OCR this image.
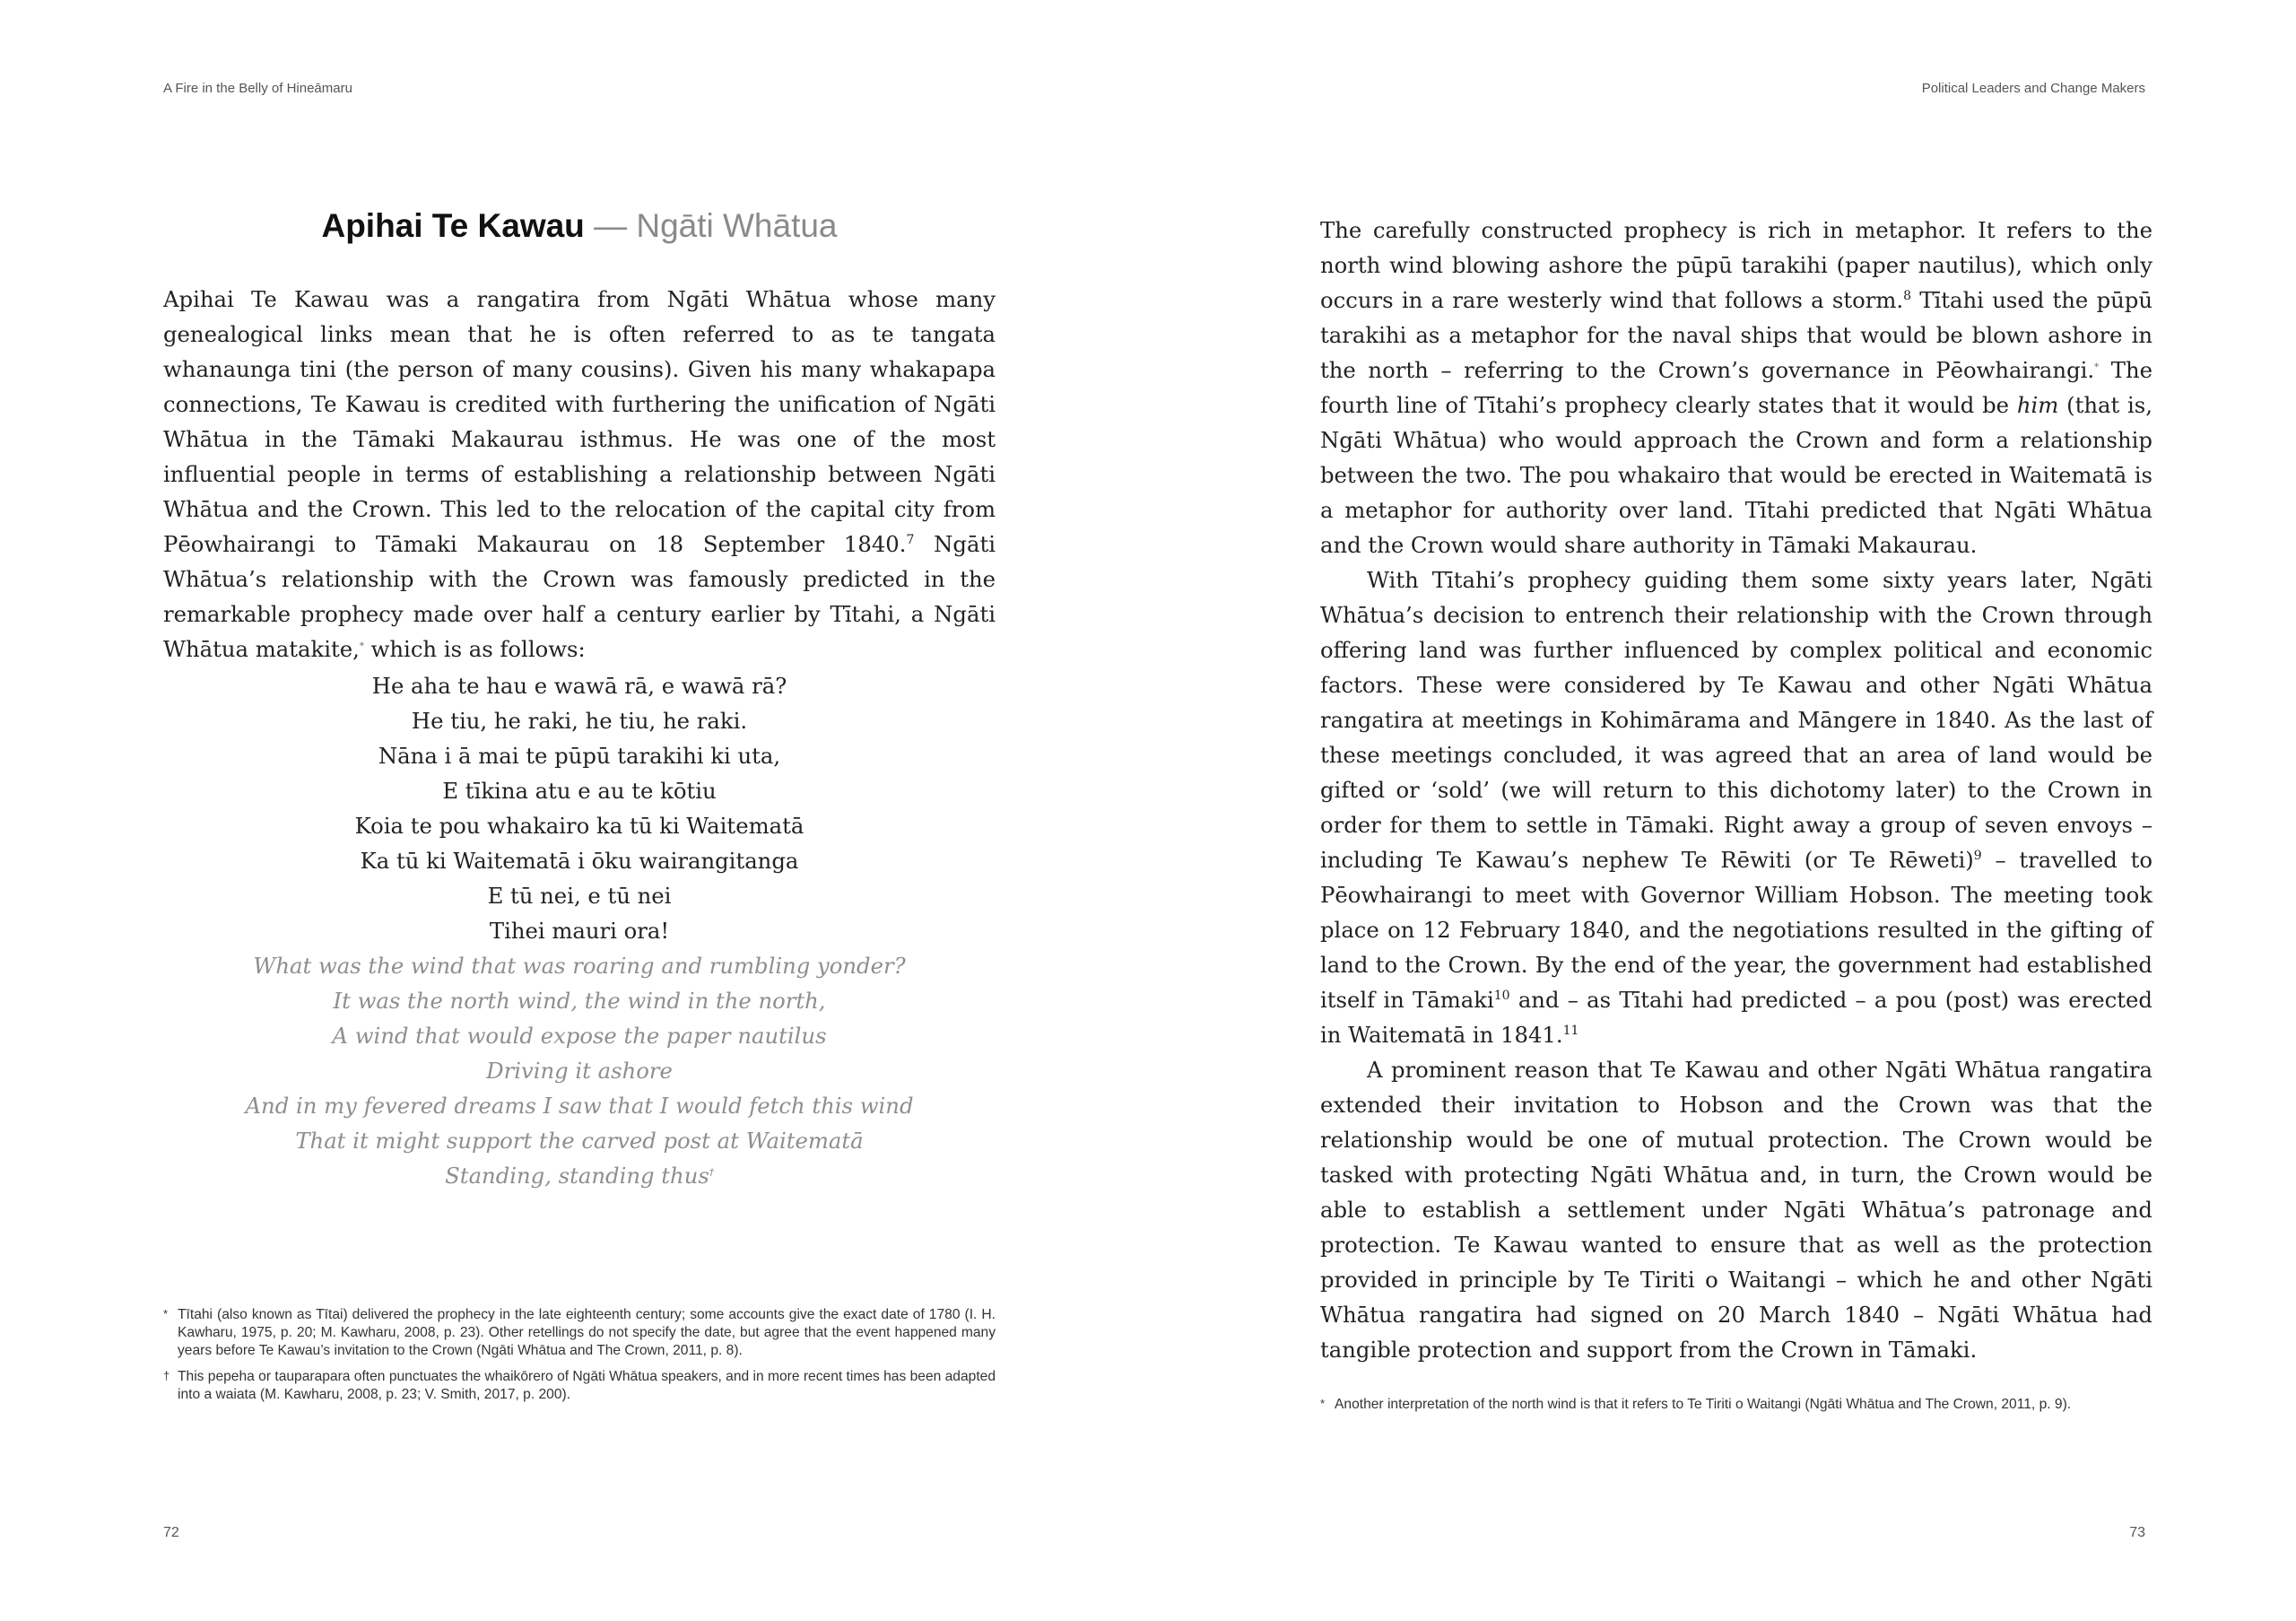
A Fire in the Belly of Hineāmaru
Apihai Te Kawau — Ngāti Whātua

Apihai Te Kawau was a rangatira from Ngāti Whātua whose many genealogical links mean that he is often referred to as te tangata whanaunga tini (the person of many cousins). Given his many whakapapa connections, Te Kawau is credited with furthering the unification of Ngāti Whātua in the Tāmaki Makaurau isthmus. He was one of the most influential people in terms of establishing a relationship between Ngāti Whātua and the Crown. This led to the relocation of the capital city from Pēowhairangi to Tāmaki Makaurau on 18 September 1840.$^7$ Ngāti Whātua’s relationship with the Crown was famously predicted in the remarkable prophecy made over half a century earlier by Tītahi, a Ngāti Whātua matakite,* which is as follows:

He aha te hau e wawā rā, e wawā rā?
He tiu, he raki, he tiu, he raki.
Nāna i ā mai te pūpū tarakihi ki uta,
E tīkina atu e au te kōtiu
Koia te pou whakairo ka tū ki Waitematā
Ka tū ki Waitematā i ōku wairangitanga
E tū nei, e tū nei
Tihei mauri ora!
What was the wind that was roaring and rumbling yonder?
It was the north wind, the wind in the north,
A wind that would expose the paper nautilus
Driving it ashore
And in my fevered dreams I saw that I would fetch this wind
That it might support the carved post at Waitematā
Standing, standing thus†
* Tītahi (also known as Tītai) delivered the prophecy in the late eighteenth century; some accounts give the exact date of 1780 (I. H. Kawharu, 1975, p. 20; M. Kawharu, 2008, p. 23). Other retellings do not specify the date, but agree that the event happened many years before Te Kawau’s invitation to the Crown (Ngāti Whātua and The Crown, 2011, p. 8).
† This pepeha or tauparapara often punctuates the whaikōrero of Ngāti Whātua speakers, and in more recent times has been adapted into a waiata (M. Kawharu, 2008, p. 23; V. Smith, 2017, p. 200).
72
Political Leaders and Change Makers
73

The carefully constructed prophecy is rich in metaphor. It refers to the north wind blowing ashore the pūpū tarakihi (paper nautilus), which only occurs in a rare westerly wind that follows a storm.$^8$ Tītahi used the pūpū tarakihi as a metaphor for the naval ships that would be blown ashore in the north – referring to the Crown’s governance in Pēowhairangi.* The fourth line of Tītahi’s prophecy clearly states that it would be him (that is, Ngāti Whātua) who would approach the Crown and form a relationship between the two. The pou whakairo that would be erected in Waitematā is a metaphor for authority over land. Tītahi predicted that Ngāti Whātua and the Crown would share authority in Tāmaki Makaurau.

With Tītahi’s prophecy guiding them some sixty years later, Ngāti Whātua’s decision to entrench their relationship with the Crown through offering land was further influenced by complex political and economic factors. These were considered by Te Kawau and other Ngāti Whātua rangatira at meetings in Kohimārama and Māngere in 1840. As the last of these meetings concluded, it was agreed that an area of land would be gifted or ‘sold’ (we will return to this dichotomy later) to the Crown in order for them to settle in Tāmaki. Right away a group of seven envoys – including Te Kawau’s nephew Te Rēwiti (or Te Rēweti)$^9$ – travelled to Pēowhairangi to meet with Governor William Hobson. The meeting took place on 12 February 1840, and the negotiations resulted in the gifting of land to the Crown. By the end of the year, the government had established itself in Tāmaki$^{10}$ and – as Tītahi had predicted – a pou (post) was erected in Waitematā in 1841.11

A prominent reason that Te Kawau and other Ngāti Whātua rangatira extended their invitation to Hobson and the Crown was that the relationship would be one of mutual protection. The Crown would be tasked with protecting Ngāti Whātua and, in turn, the Crown would be able to establish a settlement under Ngāti Whātua’s patronage and protection. Te Kawau wanted to ensure that as well as the protection provided in principle by Te Tiriti o Waitangi – which he and other Ngāti Whātua rangatira had signed on 20 March 1840 – Ngāti Whātua had tangible protection and support from the Crown in Tāmaki.

* Another interpretation of the north wind is that it refers to Te Tiriti o Waitangi (Ngāti Whātua and The Crown, 2011, p. 9).
